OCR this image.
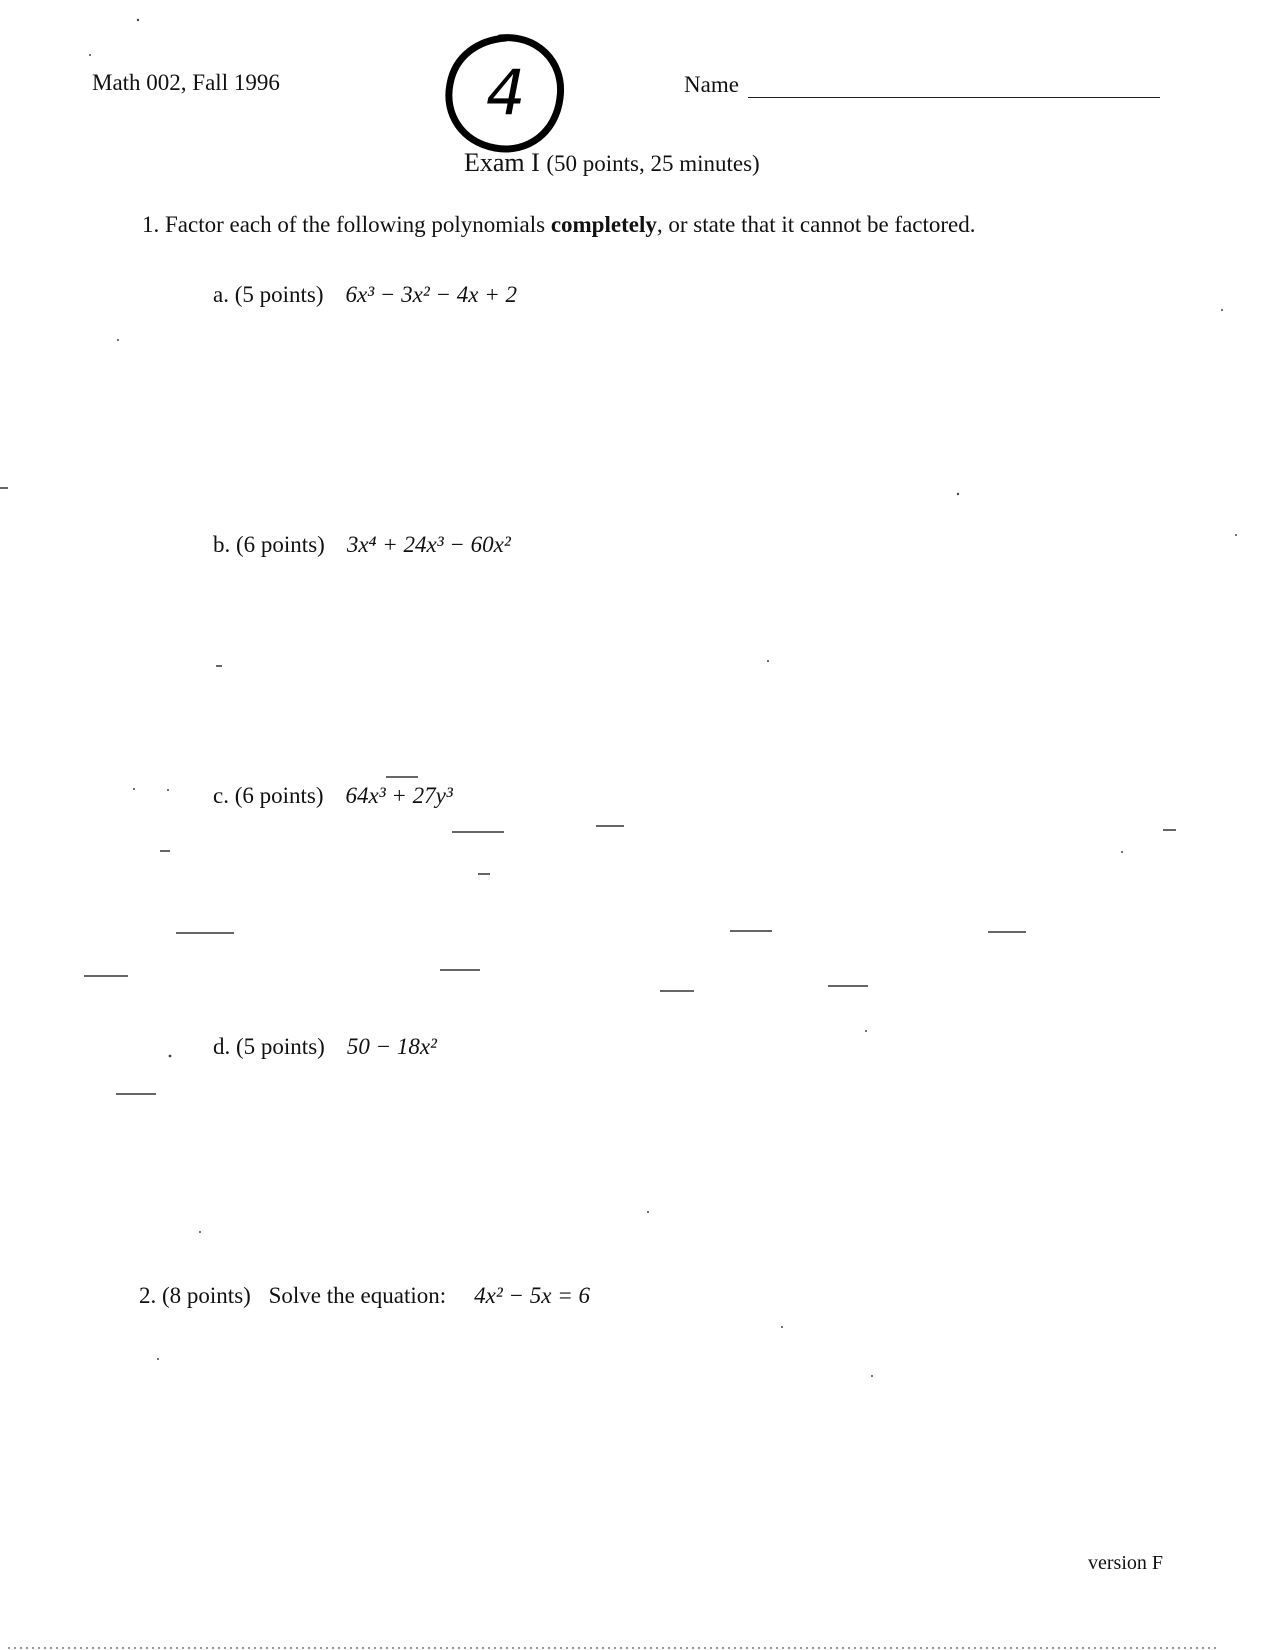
Math 002, Fall 1996	4	Name
Exam I (50 points, 25 minutes)
1. Factor each of the following polynomials completely, or state that it cannot be factored.
a. (5 points) 6x³ − 3x² − 4x + 2
b. (6 points) 3x⁴ + 24x³ − 60x²
c. (6 points) 64x³ + 27y³
d. (5 points) 50 − 18x²
2. (8 points) Solve the equation: 4x² − 5x = 6
version F
